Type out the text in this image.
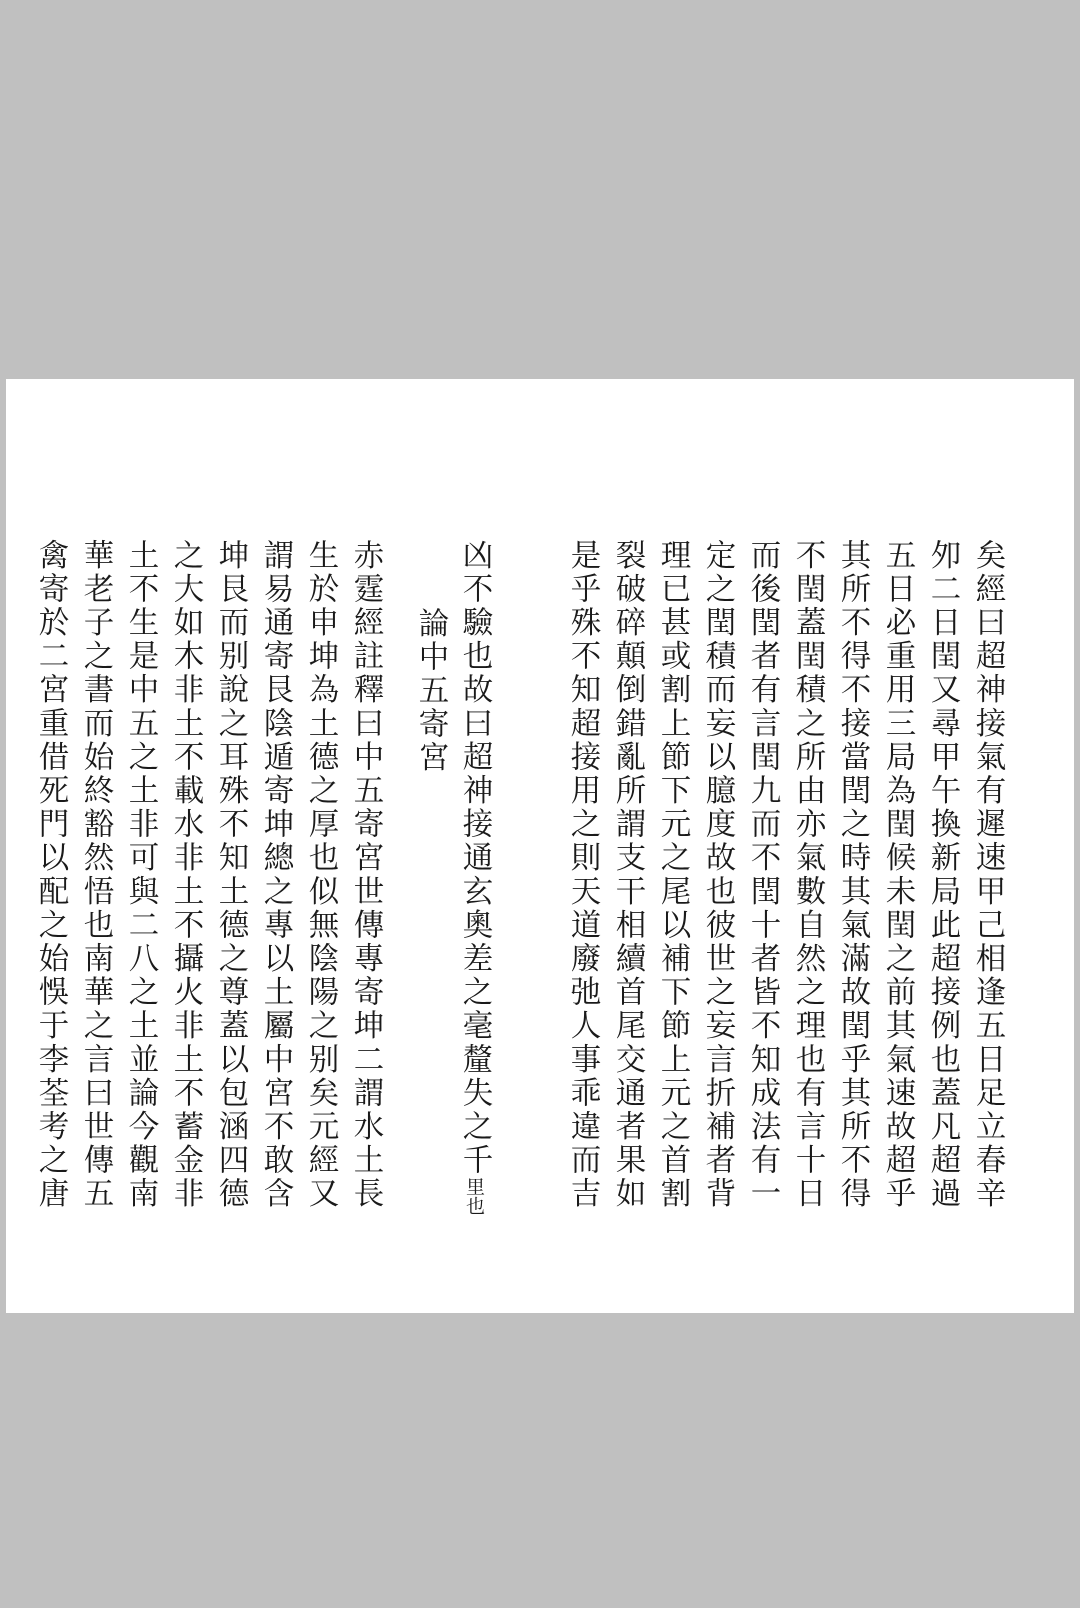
凶不驗也故曰超神接通玄奧差之毫釐失之千里也
論中五寄宮
赤霆經註釋曰中五寄宮世傳專寄坤二謂水土長
生於申坤為土德之厚也似無陰陽之别矣元經又
謂易通寄艮陰遁寄坤總之專以土屬中宮不敢含
坤艮而别說之耳殊不知土德之尊蓋以包涵四德
之大如木非土不載水非土不攝火非土不蓄金非
土不生是中五之土非可與二八之土並論今觀南
華老子之書而始終豁然悟也南華之言曰世傳五
禽寄於二宮重借死門以配之始悞于李荃考之唐	矣經曰超神接氣有遲速甲己相逢五日足立春辛
夘二日閏又尋甲午換新局此超接例也蓋凡超過
五日必重用三局為閏候未閏之前其氣速故超乎
其所不得不接當閏之時其氣滿故閏乎其所不得
不閏蓋閏積之所由亦氣數自然之理也有言十日
而後閏者有言閏九而不閏十者皆不知成法有一
定之閏積而妄以臆度故也彼世之妄言折補者背
理已甚或割上節下元之尾以補下節上元之首割
裂破碎顛倒錯亂所謂支干相續首尾交通者果如
是乎殊不知超接用之則天道廢弛人事乖違而吉
